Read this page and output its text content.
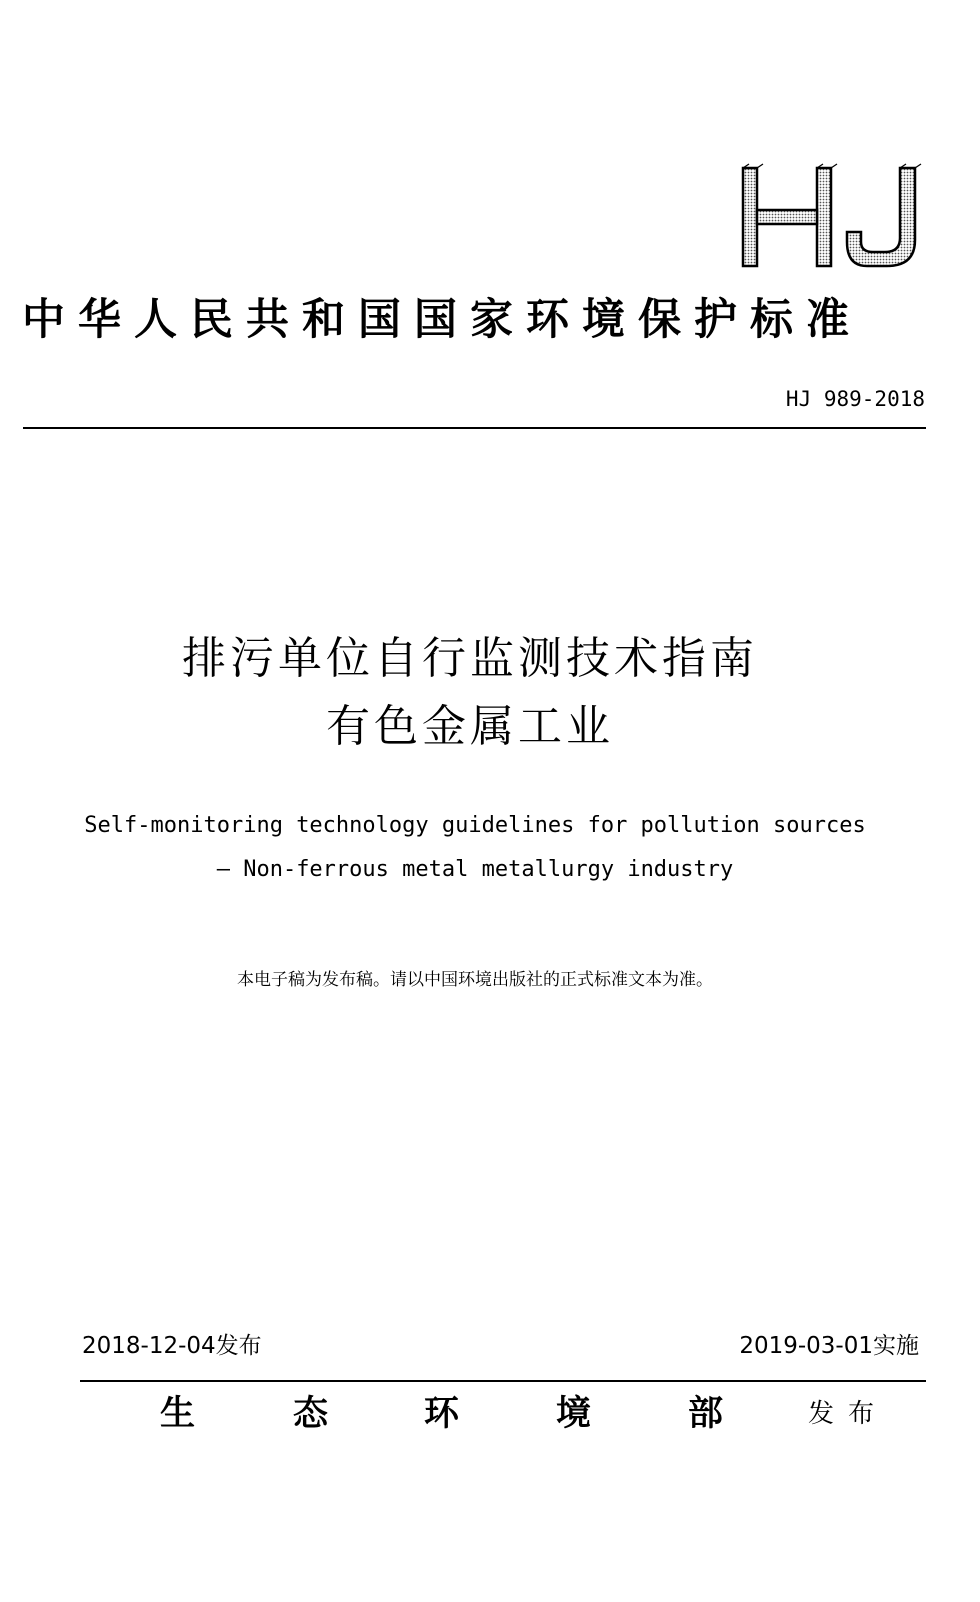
HJ
中华人民共和国国家环境保护标准
HJ 989-2018
排污单位自行监测技术指南
有色金属工业
Self-monitoring technology guidelines for pollution sources
— Non-ferrous metal metallurgy industry
本电子稿为发布稿。请以中国环境出版社的正式标准文本为准。
2018-12-04发布	2019-03-01实施
生	态	环	境	部	发布
